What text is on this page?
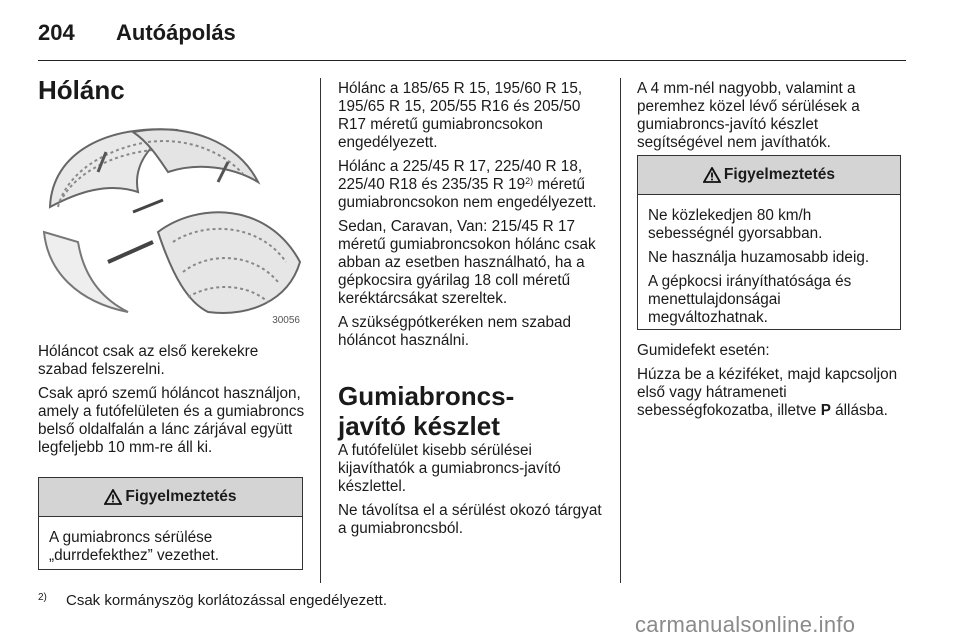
204 Autóápolás
Hólánc
30056

Hóláncot csak az első kerekekre szabad felszerelni.

Csak apró szemű hóláncot használjon, amely a futófelületen és a gumiabroncs belső oldalfalán a lánc zárjával együtt legfeljebb 10 mm-re áll ki.

Figyelmeztetés

A gumiabroncs sérülése „durrdefekthez” vezethet.

Hólánc a 185/65 R 15, 195/60 R 15, 195/65 R 15, 205/55 R16 és 205/50 R17 méretű gumiabroncsokon engedélyezett.

Hólánc a 225/45 R 17, 225/40 R 18, 225/40 R18 és 235/35 R 19$^{2)}$ méretű gumiabroncsokon nem engedélyezett.

Sedan, Caravan, Van: 215/45 R 17 méretű gumiabroncsokon hólánc csak abban az esetben használható, ha a gépkocsira gyárilag 18 coll méretű keréktárcsákat szereltek.

A szükségpótkeréken nem szabad hóláncot használni.

Gumiabroncs-javító készlet

A futófelület kisebb sérülései kijavíthatók a gumiabroncs-javító készlettel.

Ne távolítsa el a sérülést okozó tárgyat a gumiabroncsból.

A 4 mm-nél nagyobb, valamint a peremhez közel lévő sérülések a gumiabroncs-javító készlet segítségével nem javíthatók.

Figyelmeztetés

Ne közlekedjen 80 km/h sebességnél gyorsabban.

Ne használja huzamosabb ideig.

A gépkocsi irányíthatósága és menettulajdonságai megváltozhatnak.

Gumidefekt esetén:

Húzza be a kéziféket, majd kapcsoljon első vagy hátrameneti sebességfokozatba, illetve P állásba.

2) Csak kormányszög korlátozással engedélyezett.
carmanualsonline.info
